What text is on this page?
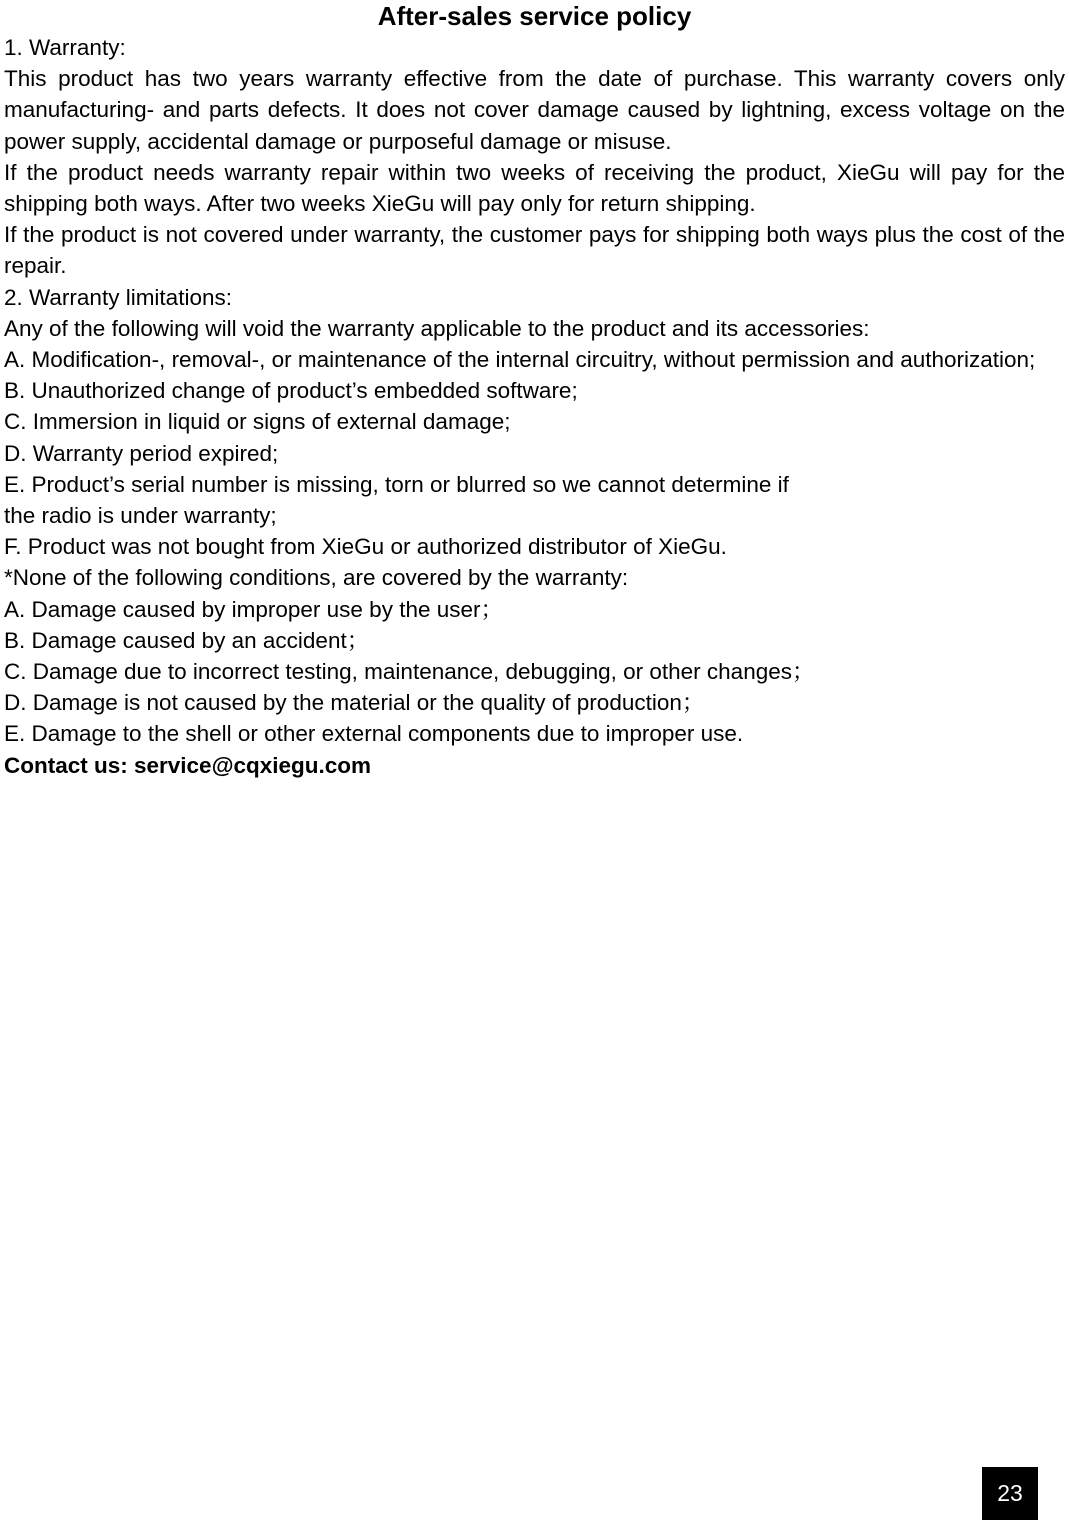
After-sales service policy

1. Warranty:

This product has two years warranty effective from the date of purchase. This warranty covers only manufacturing- and parts defects. It does not cover damage caused by lightning, excess voltage on the power supply, accidental damage or purposeful damage or misuse.

If the product needs warranty repair within two weeks of receiving the product, XieGu will pay for the shipping both ways. After two weeks XieGu will pay only for return shipping.

If the product is not covered under warranty, the customer pays for shipping both ways plus the cost of the repair.

2. Warranty limitations:

Any of the following will void the warranty applicable to the product and its accessories:

A. Modification-, removal-, or maintenance of the internal circuitry, without permission and authorization;

B. Unauthorized change of product’s embedded software;

C. Immersion in liquid or signs of external damage;

D. Warranty period expired;

E. Product’s serial number is missing, torn or blurred so we cannot determine if

the radio is under warranty;

F. Product was not bought from XieGu or authorized distributor of XieGu.

*None of the following conditions, are covered by the warranty:

A. Damage caused by improper use by the user；

B. Damage caused by an accident；

C. Damage due to incorrect testing, maintenance, debugging, or other changes；

D. Damage is not caused by the material or the quality of production；

E. Damage to the shell or other external components due to improper use.

Contact us: service@cqxiegu.com

23
